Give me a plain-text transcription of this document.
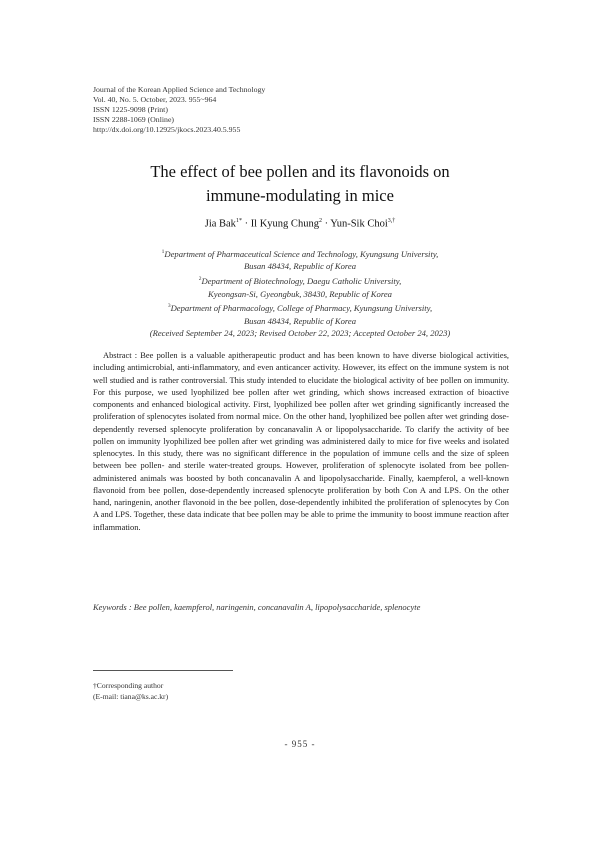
Journal of the Korean Applied Science and Technology
Vol. 40, No. 5. October, 2023. 955~964
ISSN 1225-9098 (Print)
ISSN 2288-1069 (Online)
http://dx.doi.org/10.12925/jkocs.2023.40.5.955
The effect of bee pollen and its flavonoids on
immune-modulating in mice
Jia Bak$^{1*}$ · Il Kyung Chung$^2$ · Yun-Sik Choi$^{3,\dagger}$
$^1$Department of Pharmaceutical Science and Technology, Kyungsung University,
Busan 48434, Republic of Korea
$^2$Department of Biotechnology, Daegu Catholic University,
Kyeongsan-Si, Gyeongbuk, 38430, Republic of Korea
$^3$Department of Pharmacology, College of Pharmacy, Kyungsung University,
Busan 48434, Republic of Korea
(Received September 24, 2023; Revised October 22, 2023; Accepted October 24, 2023)
Abstract : Bee pollen is a valuable apitherapeutic product and has been known to have diverse biological activities, including antimicrobial, anti-inflammatory, and even anticancer activity. However, its effect on the immune system is not well studied and is rather controversial. This study intended to elucidate the biological activity of bee pollen on immunity. For this purpose, we used lyophilized bee pollen after wet grinding, which shows increased extraction of bioactive components and enhanced biological activity. First, lyophilized bee pollen after wet grinding significantly increased the proliferation of splenocytes isolated from normal mice. On the other hand, lyophilized bee pollen after wet grinding dose-dependently reversed splenocyte proliferation by concanavalin A or lipopolysaccharide. To clarify the activity of bee pollen on immunity lyophilized bee pollen after wet grinding was administered daily to mice for five weeks and isolated splenocytes. In this study, there was no significant difference in the population of immune cells and the size of spleen between bee pollen- and sterile water-treated groups. However, proliferation of splenocyte isolated from bee pollen-administered animals was boosted by both concanavalin A and lipopolysaccharide. Finally, kaempferol, a well-known flavonoid from bee pollen, dose-dependently increased splenocyte proliferation by both Con A and LPS. On the other hand, naringenin, another flavonoid in the bee pollen, dose-dependently inhibited the proliferation of splenocytes by Con A and LPS. Together, these data indicate that bee pollen may be able to prime the immunity to boost immune reaction after inflammation.
Keywords : Bee pollen, kaempferol, naringenin, concanavalin A, lipopolysaccharide, splenocyte
†Corresponding author
(E-mail: tiana@ks.ac.kr)
- 955 -
